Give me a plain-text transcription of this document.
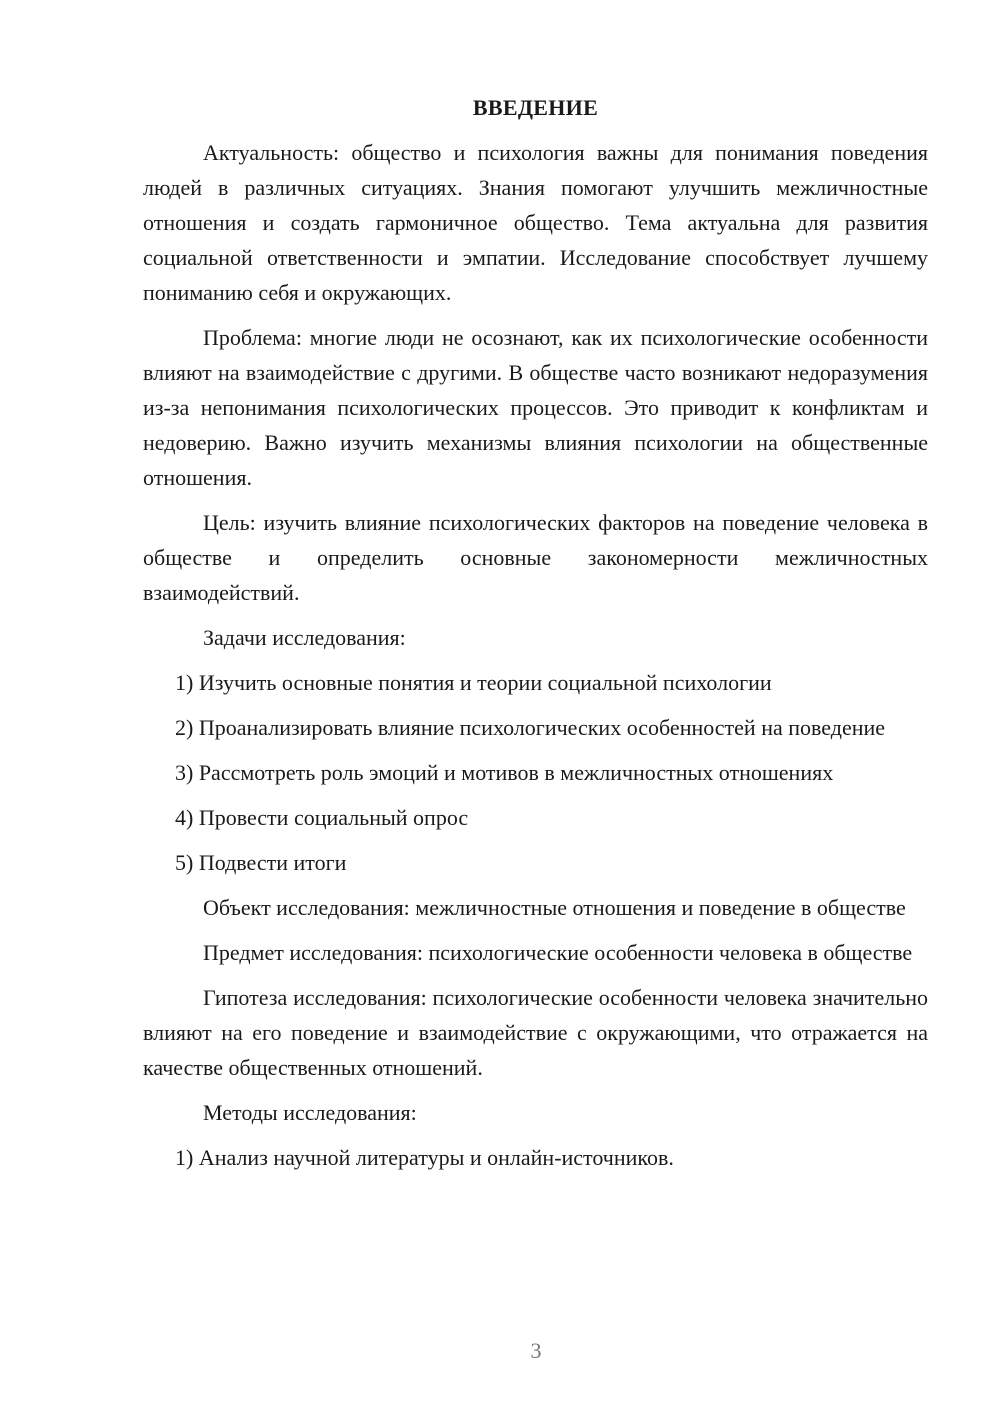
ВВЕДЕНИЕ

Актуальность: общество и психология важны для понимания поведения людей в различных ситуациях. Знания помогают улучшить межличностные отношения и создать гармоничное общество. Тема актуальна для развития социальной ответственности и эмпатии. Исследование способствует лучшему пониманию себя и окружающих.

Проблема: многие люди не осознают, как их психологические особенности влияют на взаимодействие с другими. В обществе часто возникают недоразумения из-за непонимания психологических процессов. Это приводит к конфликтам и недоверию. Важно изучить механизмы влияния психологии на общественные отношения.

Цель: изучить влияние психологических факторов на поведение человека в обществе и определить основные закономерности межличностных взаимодействий.

Задачи исследования:

1) Изучить основные понятия и теории социальной психологии

2) Проанализировать влияние психологических особенностей на поведение

3) Рассмотреть роль эмоций и мотивов в межличностных отношениях

4) Провести социальный опрос

5) Подвести итоги

Объект исследования: межличностные отношения и поведение в обществе

Предмет исследования: психологические особенности человека в обществе

Гипотеза исследования: психологические особенности человека значительно влияют на его поведение и взаимодействие с окружающими, что отражается на качестве общественных отношений.

Методы исследования:

1) Анализ научной литературы и онлайн-источников.

3
